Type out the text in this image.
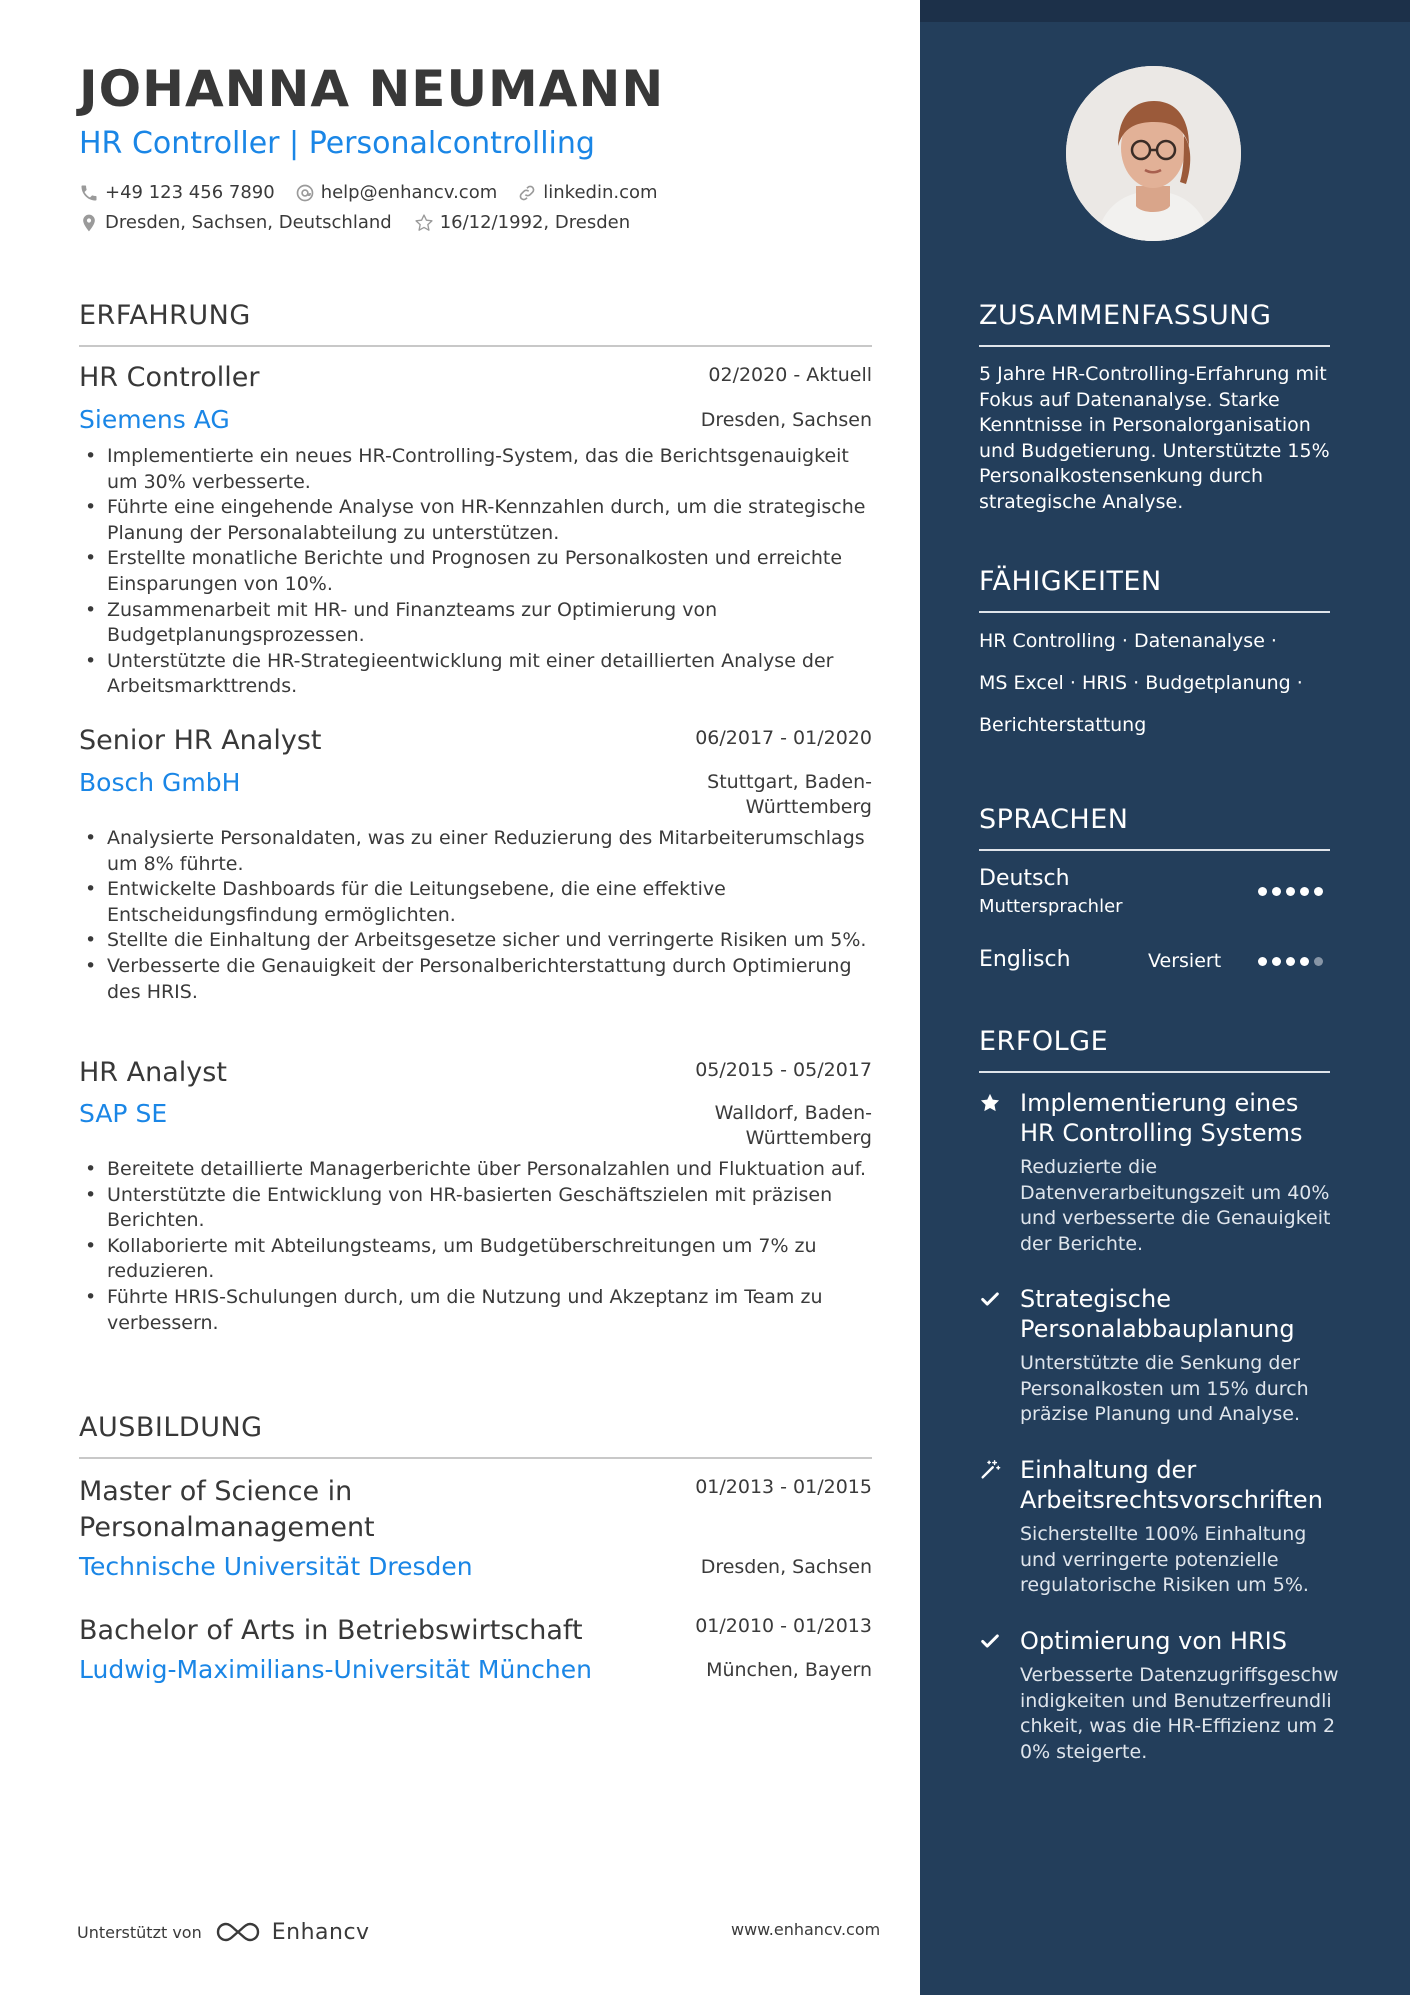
JOHANNA NEUMANN
HR Controller | Personalcontrolling
+49 123 456 7890	help@enhancv.com	linkedin.com
Dresden, Sachsen, Deutschland	16/12/1992, Dresden
ERFAHRUNG
HR Controller	02/2020 - Aktuell
Siemens AG	Dresden, Sachsen
• Implementierte ein neues HR-Controlling-System, das die Berichtsgenauigkeit um 30% verbesserte.
• Führte eine eingehende Analyse von HR-Kennzahlen durch, um die strategische Planung der Personalabteilung zu unterstützen.
• Erstellte monatliche Berichte und Prognosen zu Personalkosten und erreichte Einsparungen von 10%.
• Zusammenarbeit mit HR- und Finanzteams zur Optimierung von Budgetplanungsprozessen.
• Unterstützte die HR-Strategieentwicklung mit einer detaillierten Analyse der Arbeitsmarkttrends.
Senior HR Analyst	06/2017 - 01/2020
Bosch GmbH	Stuttgart, Baden-Württemberg
• Analysierte Personaldaten, was zu einer Reduzierung des Mitarbeiterumschlags um 8% führte.
• Entwickelte Dashboards für die Leitungsebene, die eine effektive Entscheidungsfindung ermöglichten.
• Stellte die Einhaltung der Arbeitsgesetze sicher und verringerte Risiken um 5%.
• Verbesserte die Genauigkeit der Personalberichterstattung durch Optimierung des HRIS.
HR Analyst	05/2015 - 05/2017
SAP SE	Walldorf, Baden-Württemberg
• Bereitete detaillierte Managerberichte über Personalzahlen und Fluktuation auf.
• Unterstützte die Entwicklung von HR-basierten Geschäftszielen mit präzisen Berichten.
• Kollaborierte mit Abteilungsteams, um Budgetüberschreitungen um 7% zu reduzieren.
• Führte HRIS-Schulungen durch, um die Nutzung und Akzeptanz im Team zu verbessern.
AUSBILDUNG
Master of Science in Personalmanagement
01/2013 - 01/2015
Technische Universität Dresden	Dresden, Sachsen
Bachelor of Arts in Betriebswirtschaft	01/2010 - 01/2013
Ludwig-Maximilians-Universität München	München, Bayern
Unterstützt von	Enhancv	www.enhancv.com
ZUSAMMENFASSUNG
5 Jahre HR-Controlling-Erfahrung mit Fokus auf Datenanalyse. Starke Kenntnisse in Personalorganisation und Budgetierung. Unterstützte 15% Personalkostensenkung durch strategische Analyse.
FÄHIGKEITEN
HR Controlling · Datenanalyse ·
MS Excel · HRIS · Budgetplanung ·
Berichterstattung
SPRACHEN
Deutsch
Muttersprachler
Englisch	Versiert
ERFOLGE
Implementierung eines HR Controlling Systems
Reduzierte die Datenverarbeitungszeit um 40% und verbesserte die Genauigkeit der Berichte.
Strategische Personalabbauplanung
Unterstützte die Senkung der Personalkosten um 15% durch präzise Planung und Analyse.
Einhaltung der Arbeitsrechtsvorschriften
Sicherstellte 100% Einhaltung und verringerte potenzielle regulatorische Risiken um 5%.
Optimierung von HRIS
Verbesserte Datenzugriffsgeschwindigkeiten und Benutzerfreundlichkeit, was die HR-Effizienz um 20% steigerte.
